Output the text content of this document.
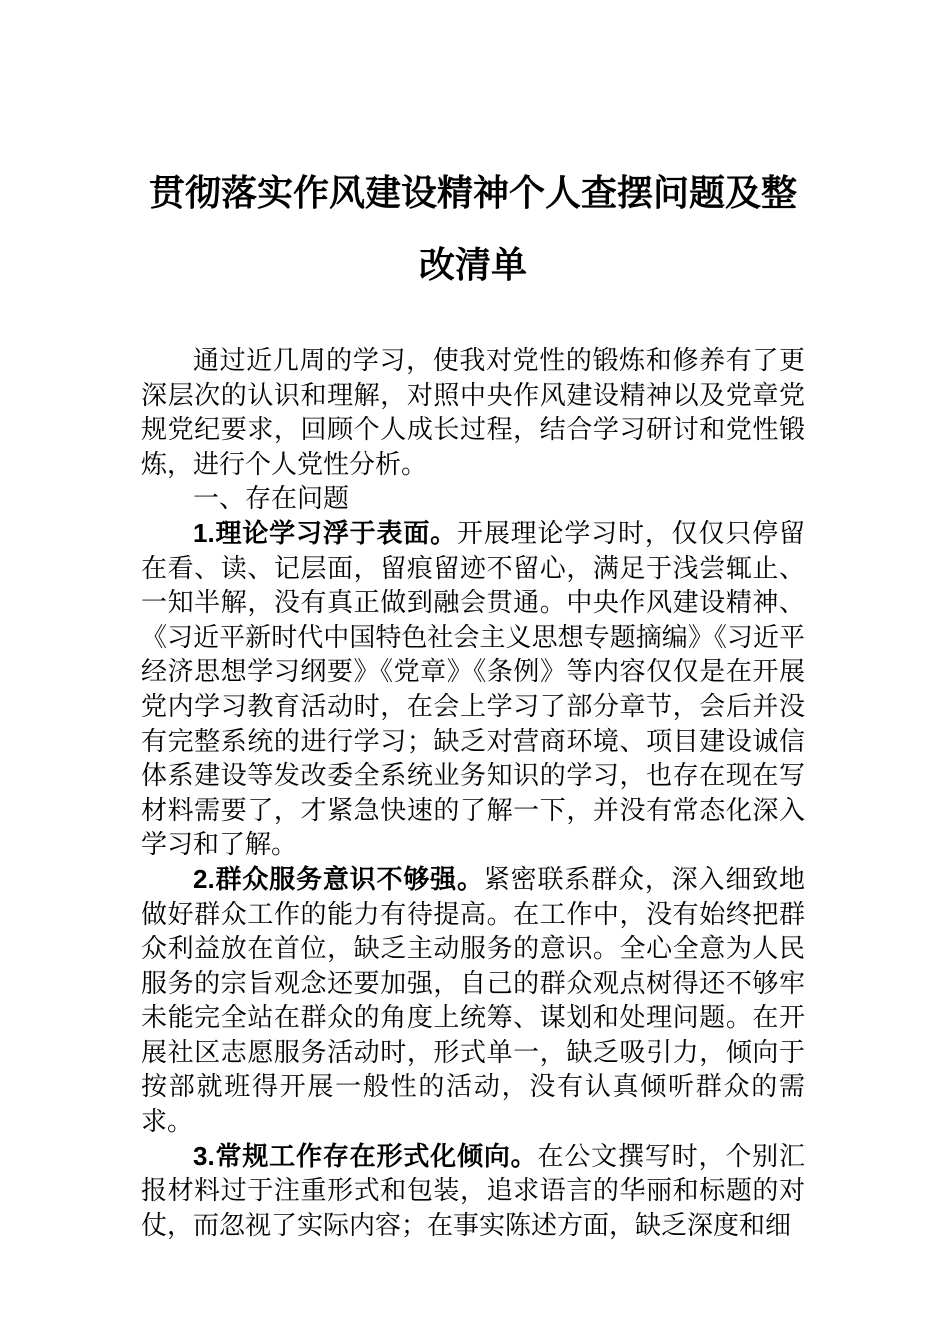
贯彻落实作风建设精神个人查摆问题及整改清单

通过近几周的学习，使我对党性的锻炼和修养有了更深层次的认识和理解，对照中央作风建设精神以及党章党规党纪要求，回顾个人成长过程，结合学习研讨和党性锻炼，进行个人党性分析。

一、存在问题

1.理论学习浮于表面。开展理论学习时，仅仅只停留在看、读、记层面，留痕留迹不留心，满足于浅尝辄止、一知半解，没有真正做到融会贯通。中央作风建设精神、《习近平新时代中国特色社会主义思想专题摘编》《习近平经济思想学习纲要》《党章》《条例》等内容仅仅是在开展党内学习教育活动时，在会上学习了部分章节，会后并没有完整系统的进行学习；缺乏对营商环境、项目建设诚信体系建设等发改委全系统业务知识的学习，也存在现在写材料需要了，才紧急快速的了解一下，并没有常态化深入学习和了解。

2.群众服务意识不够强。紧密联系群众，深入细致地做好群众工作的能力有待提高。在工作中，没有始终把群众利益放在首位，缺乏主动服务的意识。全心全意为人民服务的宗旨观念还要加强，自己的群众观点树得还不够牢未能完全站在群众的角度上统筹、谋划和处理问题。在开展社区志愿服务活动时，形式单一，缺乏吸引力，倾向于按部就班得开展一般性的活动，没有认真倾听群众的需求。

3.常规工作存在形式化倾向。在公文撰写时，个别汇报材料过于注重形式和包装，追求语言的华丽和标题的对仗，而忽视了实际内容；在事实陈述方面，缺乏深度和细
